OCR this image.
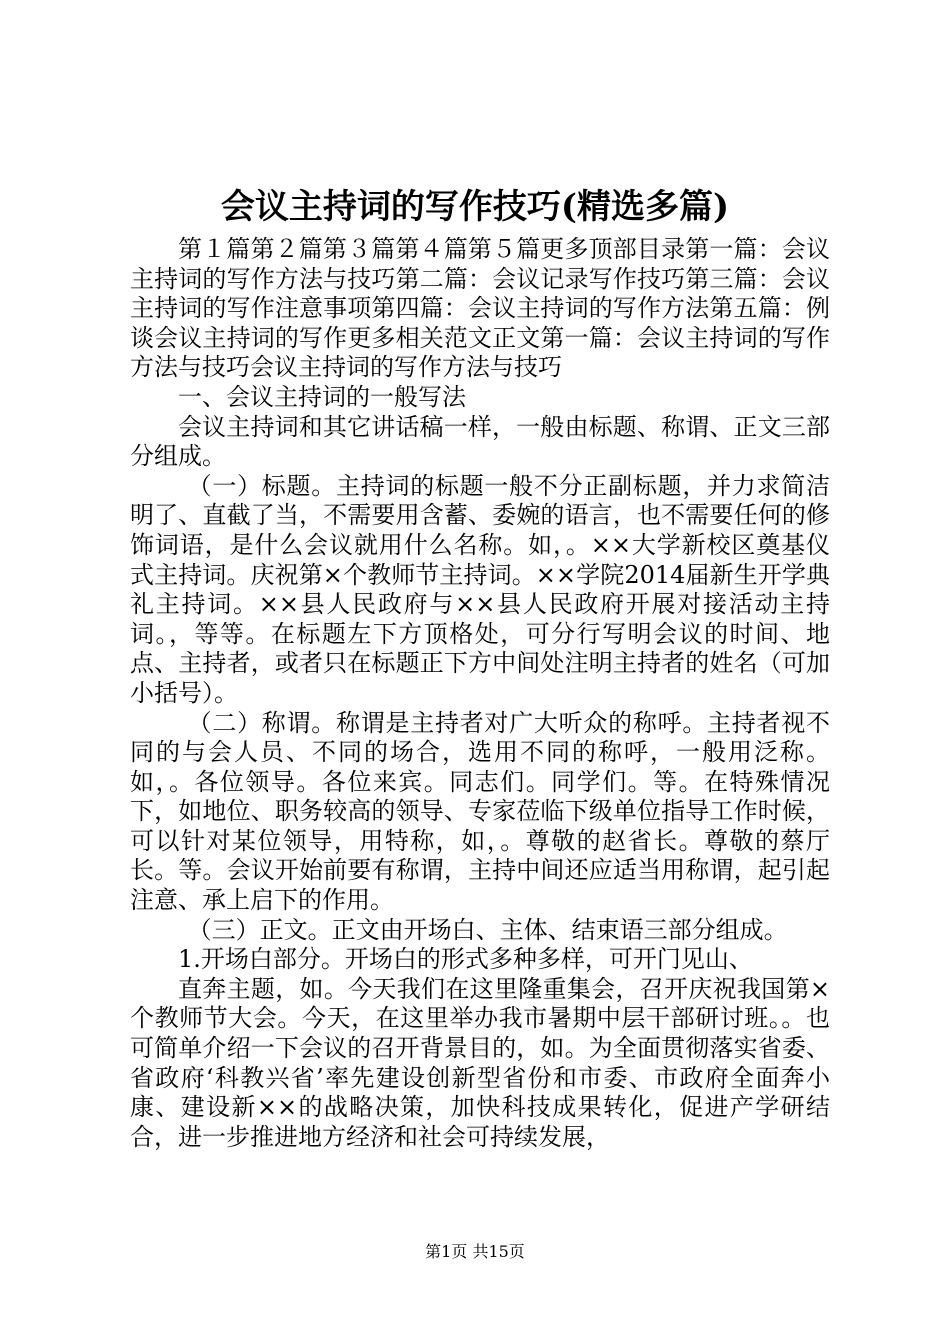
会议主持词的写作技巧(精选多篇)

第１篇第２篇第３篇第４篇第５篇更多顶部目录第一篇：会议主持词的写作方法与技巧第二篇：会议记录写作技巧第三篇：会议主持词的写作注意事项第四篇：会议主持词的写作方法第五篇：例谈会议主持词的写作更多相关范文正文第一篇：会议主持词的写作方法与技巧会议主持词的写作方法与技巧

一、会议主持词的一般写法

会议主持词和其它讲话稿一样，一般由标题、称谓、正文三部分组成。

（一）标题。主持词的标题一般不分正副标题，并力求简洁明了、直截了当，不需要用含蓄、委婉的语言，也不需要任何的修饰词语，是什么会议就用什么名称。如，。××大学新校区奠基仪式主持词。庆祝第×个教师节主持词。××学院2014届新生开学典礼主持词。××县人民政府与××县人民政府开展对接活动主持词。，等等。在标题左下方顶格处，可分行写明会议的时间、地点、主持者，或者只在标题正下方中间处注明主持者的姓名（可加小括号）。

（二）称谓。称谓是主持者对广大听众的称呼。主持者视不同的与会人员、不同的场合，选用不同的称呼，一般用泛称。如，。各位领导。各位来宾。同志们。同学们。等。在特殊情况下，如地位、职务较高的领导、专家莅临下级单位指导工作时候，可以针对某位领导，用特称，如，。尊敬的赵省长。尊敬的蔡厅长。等。会议开始前要有称谓，主持中间还应适当用称谓，起引起注意、承上启下的作用。

（三）正文。正文由开场白、主体、结束语三部分组成。

1.开场白部分。开场白的形式多种多样，可开门见山、

直奔主题，如。今天我们在这里隆重集会，召开庆祝我国第×个教师节大会。今天，在这里举办我市暑期中层干部研讨班。。也可简单介绍一下会议的召开背景目的，如。为全面贯彻落实省委、省政府‘科教兴省’率先建设创新型省份和市委、市政府全面奔小康、建设新××的战略决策，加快科技成果转化，促进产学研结合，进一步推进地方经济和社会可持续发展，

第1页 共15页
